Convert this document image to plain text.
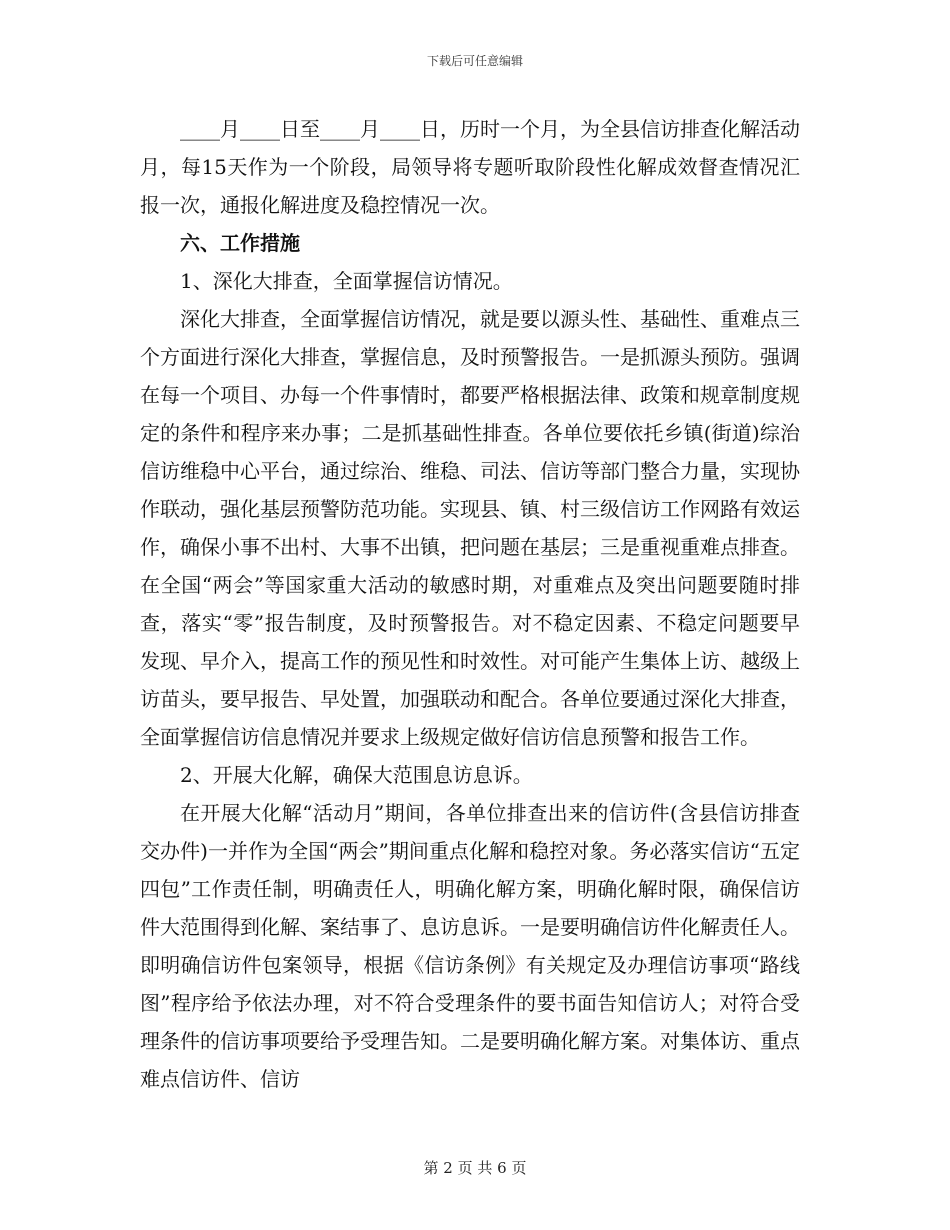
下载后可任意编辑

____月____日至____月____日，历时一个月，为全县信访排查化解活动月，每15天作为一个阶段，局领导将专题听取阶段性化解成效督查情况汇报一次，通报化解进度及稳控情况一次。

六、工作措施

1、深化大排查，全面掌握信访情况。

深化大排查，全面掌握信访情况，就是要以源头性、基础性、重难点三个方面进行深化大排查，掌握信息，及时预警报告。一是抓源头预防。强调在每一个项目、办每一个件事情时，都要严格根据法律、政策和规章制度规定的条件和程序来办事；二是抓基础性排查。各单位要依托乡镇(街道)综治信访维稳中心平台，通过综治、维稳、司法、信访等部门整合力量，实现协作联动，强化基层预警防范功能。实现县、镇、村三级信访工作网路有效运作，确保小事不出村、大事不出镇，把问题在基层；三是重视重难点排查。在全国“两会”等国家重大活动的敏感时期，对重难点及突出问题要随时排查，落实“零”报告制度，及时预警报告。对不稳定因素、不稳定问题要早发现、早介入，提高工作的预见性和时效性。对可能产生集体上访、越级上访苗头，要早报告、早处置，加强联动和配合。各单位要通过深化大排查，全面掌握信访信息情况并要求上级规定做好信访信息预警和报告工作。

2、开展大化解，确保大范围息访息诉。

在开展大化解“活动月”期间，各单位排查出来的信访件(含县信访排查交办件)一并作为全国“两会”期间重点化解和稳控对象。务必落实信访“五定四包”工作责任制，明确责任人，明确化解方案，明确化解时限，确保信访件大范围得到化解、案结事了、息访息诉。一是要明确信访件化解责任人。即明确信访件包案领导，根据《信访条例》有关规定及办理信访事项“路线图”程序给予依法办理，对不符合受理条件的要书面告知信访人；对符合受理条件的信访事项要给予受理告知。二是要明确化解方案。对集体访、重点难点信访件、信访

第 2 页 共 6 页
